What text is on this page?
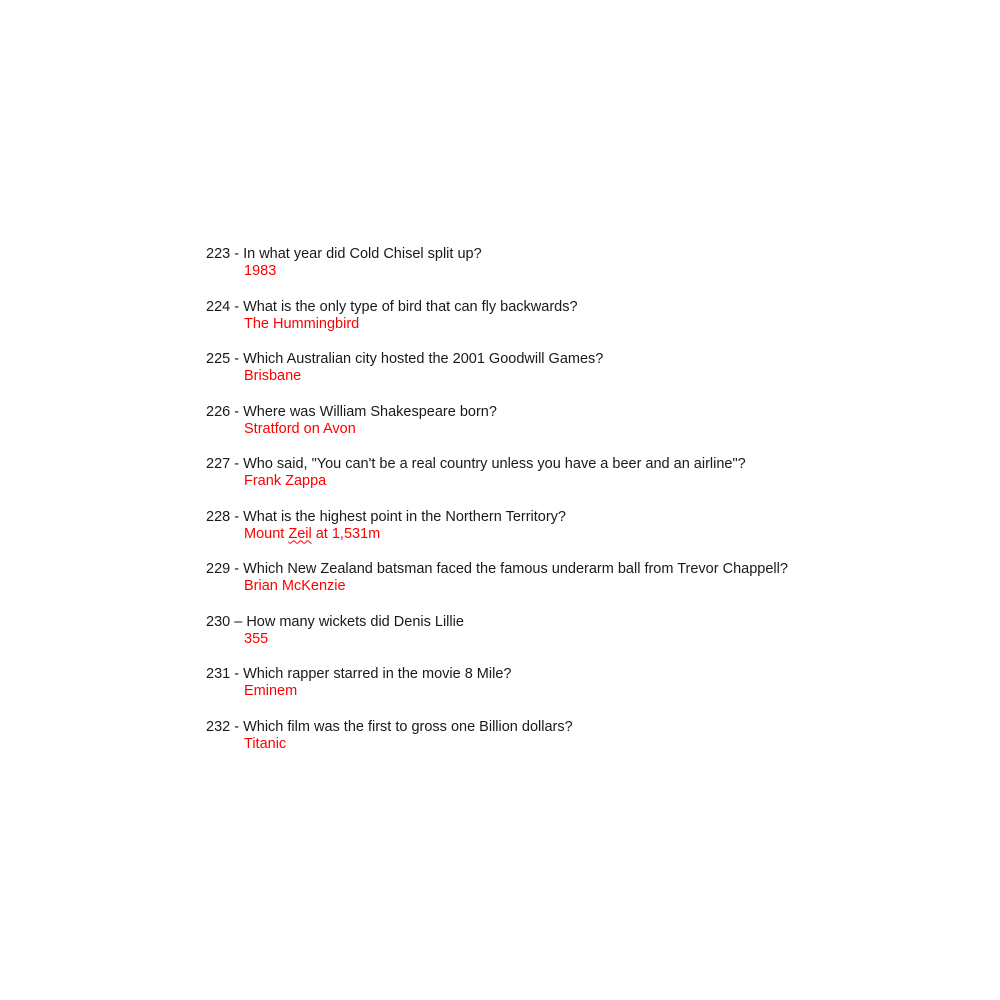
223 - In what year did Cold Chisel split up?
1983
224 - What is the only type of bird that can fly backwards?
The Hummingbird
225 - Which Australian city hosted the 2001 Goodwill Games?
Brisbane
226 - Where was William Shakespeare born?
Stratford on Avon
227 - Who said, "You can't be a real country unless you have a beer and an airline"?
Frank Zappa
228 - What is the highest point in the Northern Territory?
Mount Zeil at 1,531m
229 - Which New Zealand batsman faced the famous underarm ball from Trevor Chappell?
Brian McKenzie
230 – How many wickets did Denis Lillie
355
231 - Which rapper starred in the movie 8 Mile?
Eminem
232 - Which film was the first to gross one Billion dollars?
Titanic
